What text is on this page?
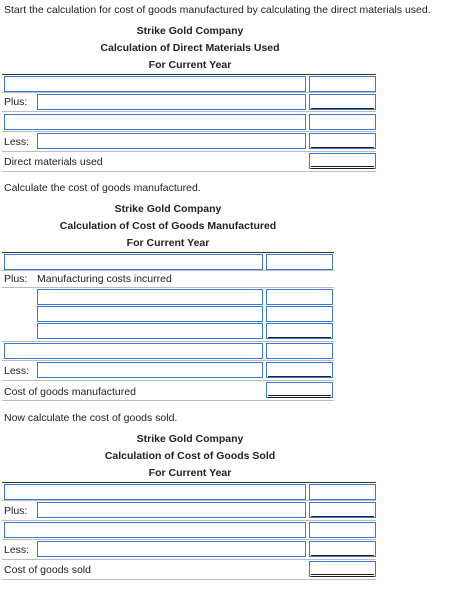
Start the calculation for cost of goods manufactured by calculating the direct materials used.
Strike Gold Company
Calculation of Direct Materials Used
For Current Year
Plus:
Less:
Direct materials used
Calculate the cost of goods manufactured.
Strike Gold Company
Calculation of Cost of Goods Manufactured
For Current Year
Plus: Manufacturing costs incurred
Less:
Cost of goods manufactured
Now calculate the cost of goods sold.
Strike Gold Company
Calculation of Cost of Goods Sold
For Current Year
Plus:
Less:
Cost of goods sold
